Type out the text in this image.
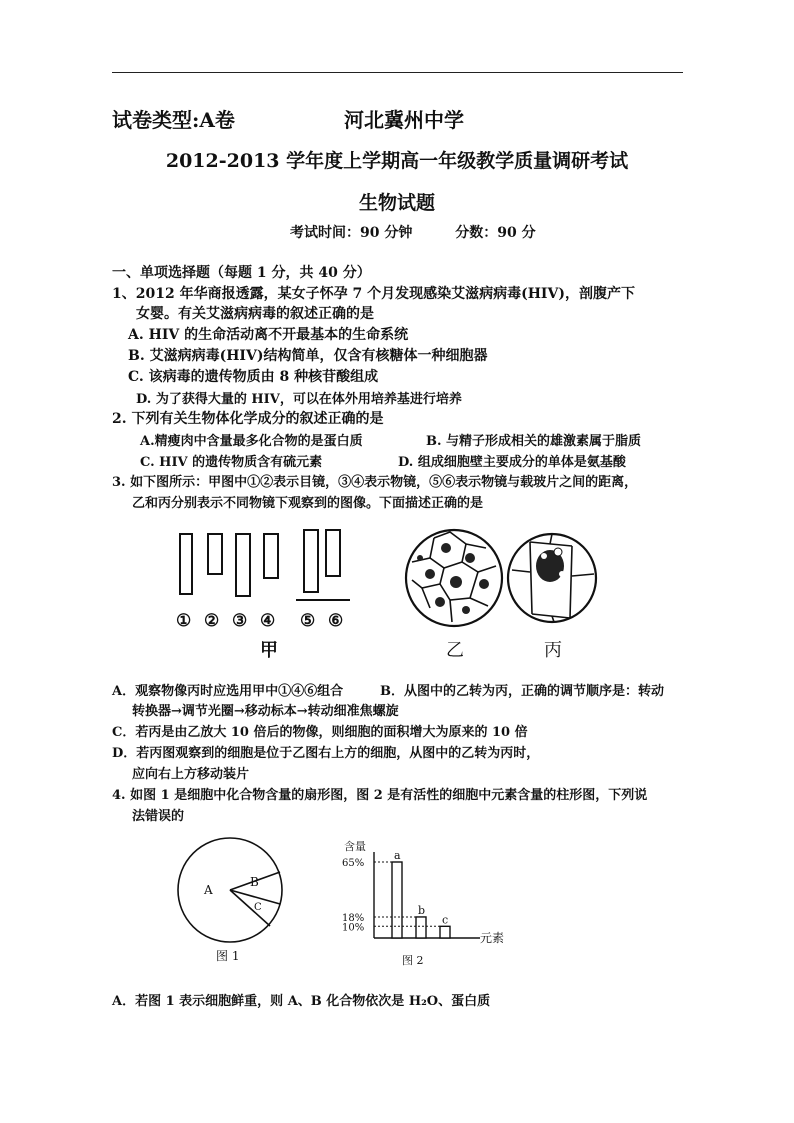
试卷类型:A卷	河北冀州中学
2012-2013 学年度上学期高一年级教学质量调研考试
生物试题
考试时间：90 分钟	分数：90 分
一、单项选择题（每题 1 分，共 40 分）
1、2012 年华商报透露，某女子怀孕 7 个月发现感染艾滋病病毒(HIV)，剖腹产下
女婴。有关艾滋病病毒的叙述正确的是
A. HIV 的生命活动离不开最基本的生命系统
B. 艾滋病病毒(HIV)结构简单，仅含有核糖体一种细胞器
C. 该病毒的遗传物质由 8 种核苷酸组成
D. 为了获得大量的 HIV，可以在体外用培养基进行培养
2. 下列有关生物体化学成分的叙述正确的是
A.精瘦肉中含量最多化合物的是蛋白质	B. 与精子形成相关的雄激素属于脂质
C. HIV 的遗传物质含有硫元素	D. 组成细胞壁主要成分的单体是氨基酸
3. 如下图所示：甲图中①②表示目镜，③④表示物镜，⑤⑥表示物镜与载玻片之间的距离，
乙和丙分别表示不同物镜下观察到的图像。下面描述正确的是
① ② ③ ④ ⑤ ⑥
甲	乙	丙
A．观察物像丙时应选用甲中①④⑥组合	B．从图中的乙转为丙，正确的调节顺序是：转动
转换器→调节光圈→移动标本→转动细准焦螺旋
C．若丙是由乙放大 10 倍后的物像，则细胞的面积增大为原来的 10 倍
D．若丙图观察到的细胞是位于乙图右上方的细胞，从图中的乙转为丙时，
应向右上方移动装片
4. 如图 1 是细胞中化合物含量的扇形图，图 2 是有活性的细胞中元素含量的柱形图，下列说
法错误的
A
B
C
图 1
a
65%
b
18%	c
10%
含量
元素
图 2
A．若图 1 表示细胞鲜重，则 A、B 化合物依次是 H₂O、蛋白质
